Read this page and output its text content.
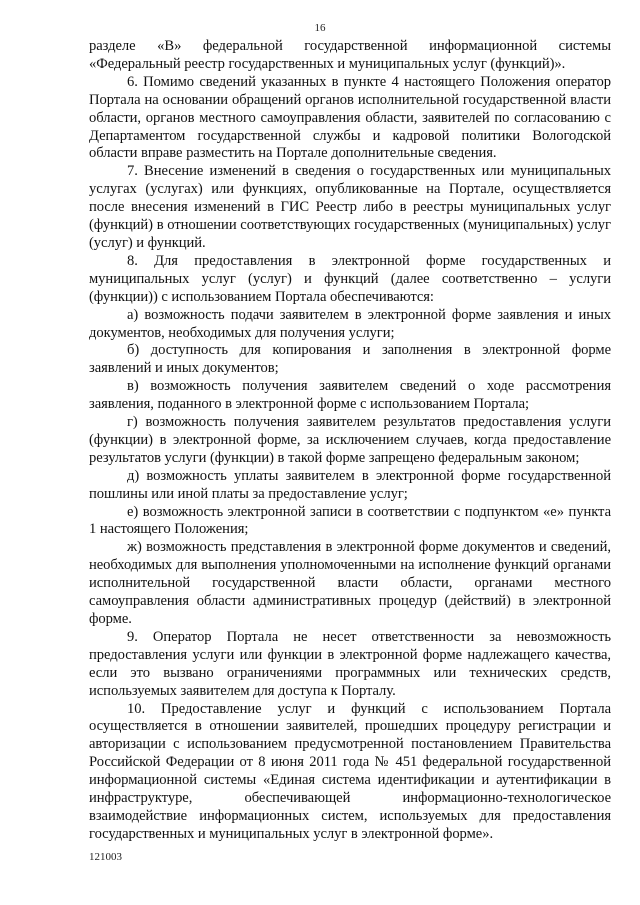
16

разделе «В» федеральной государственной информационной системы «Федеральный реестр государственных и муниципальных услуг (функций)».

6. Помимо сведений указанных в пункте 4 настоящего Положения оператор Портала на основании обращений органов исполнительной государственной власти области, органов местного самоуправления области, заявителей по согласованию с Департаментом государственной службы и кадровой политики Вологодской области вправе разместить на Портале дополнительные сведения.

7. Внесение изменений в сведения о государственных или муниципальных услугах (услугах) или функциях, опубликованные на Портале, осуществляется после внесения изменений в ГИС Реестр либо в реестры муниципальных услуг (функций) в отношении соответствующих государственных (муниципальных) услуг (услуг) и функций.

8. Для предоставления в электронной форме государственных и муниципальных услуг (услуг) и функций (далее соответственно – услуги (функции)) с использованием Портала обеспечиваются:

а) возможность подачи заявителем в электронной форме заявления и иных документов, необходимых для получения услуги;

б) доступность для копирования и заполнения в электронной форме заявлений и иных документов;

в) возможность получения заявителем сведений о ходе рассмотрения заявления, поданного в электронной форме с использованием Портала;

г) возможность получения заявителем результатов предоставления услуги (функции) в электронной форме, за исключением случаев, когда предоставление результатов услуги (функции) в такой форме запрещено федеральным законом;

д) возможность уплаты заявителем в электронной форме государственной пошлины или иной платы за предоставление услуг;

е) возможность электронной записи в соответствии с подпунктом «е» пункта 1 настоящего Положения;

ж) возможность представления в электронной форме документов и сведений, необходимых для выполнения уполномоченными на исполнение функций органами исполнительной государственной власти области, органами местного самоуправления области административных процедур (действий) в электронной форме.

9. Оператор Портала не несет ответственности за невозможность предоставления услуги или функции в электронной форме надлежащего качества, если это вызвано ограничениями программных или технических средств, используемых заявителем для доступа к Порталу.

10. Предоставление услуг и функций с использованием Портала осуществляется в отношении заявителей, прошедших процедуру регистрации и авторизации с использованием предусмотренной постановлением Правительства Российской Федерации от 8 июня 2011 года № 451 федеральной государственной информационной системы «Единая система идентификации и аутентификации в инфраструктуре, обеспечивающей информационно-технологическое взаимодействие информационных систем, используемых для предоставления государственных и муниципальных услуг в электронной форме».

121003
